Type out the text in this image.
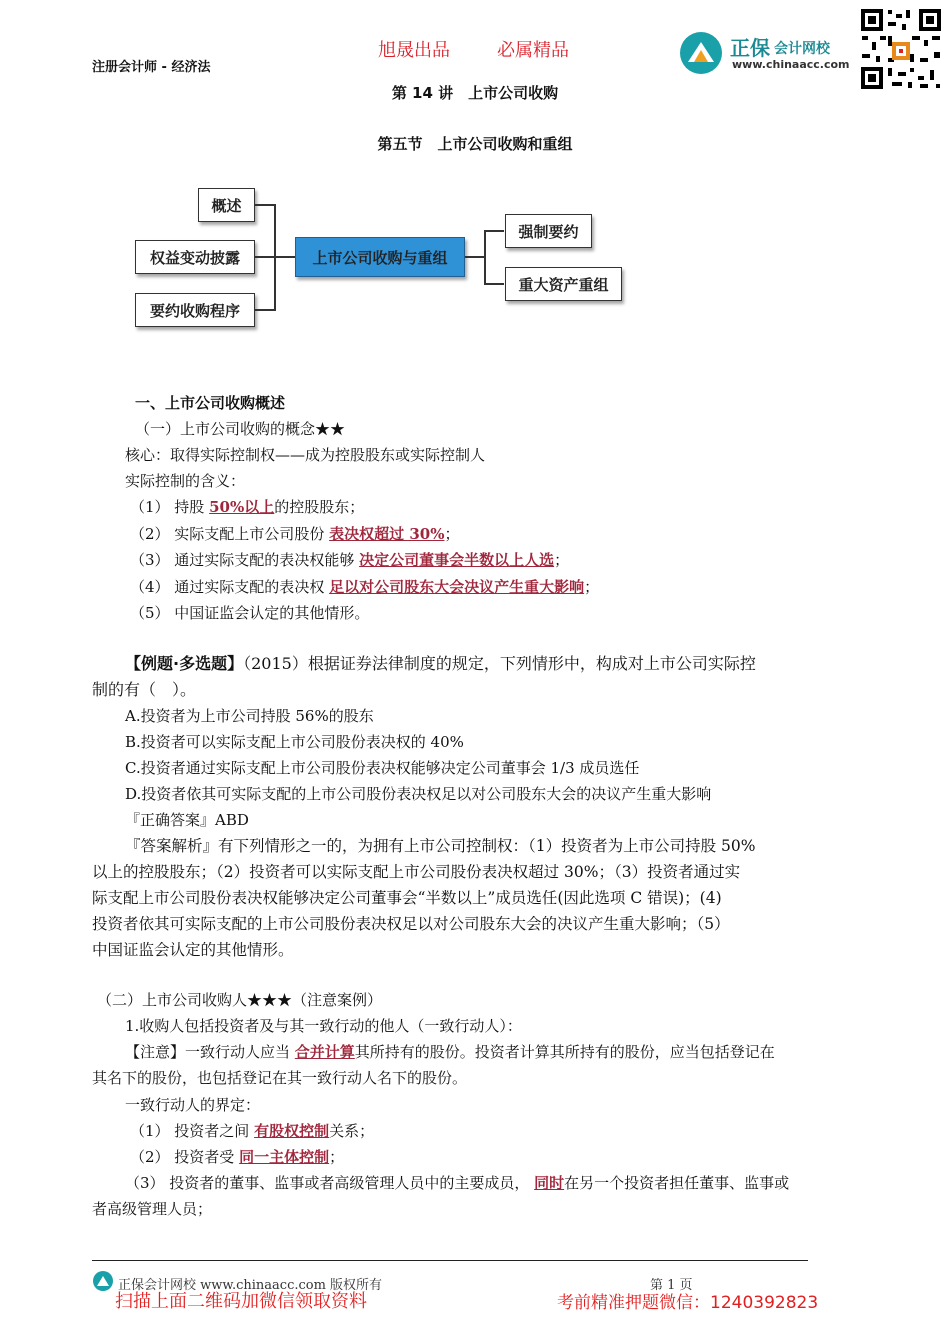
注册会计师 - 经济法
旭晟出品	必属精品	正保 会计网校
www.chinaacc.com
第 14 讲　上市公司收购
第五节　上市公司收购和重组
概述
权益变动披露
要约收购程序
上市公司收购与重组
强制要约
重大资产重组
一、上市公司收购概述
（一）上市公司收购的概念★★
核心：取得实际控制权——成为控股股东或实际控制人
实际控制的含义：
（1） 持股 50%以上的控股股东；
（2） 实际支配上市公司股份 表决权超过 30%；
（3） 通过实际支配的表决权能够 决定公司董事会半数以上人选；
（4） 通过实际支配的表决权 足以对公司股东大会决议产生重大影响；
（5） 中国证监会认定的其他情形。
【例题·多选题】（2015）根据证券法律制度的规定，下列情形中，构成对上市公司实际控
制的有（　）。
A.投资者为上市公司持股 56%的股东
B.投资者可以实际支配上市公司股份表决权的 40%
C.投资者通过实际支配上市公司股份表决权能够决定公司董事会 1/3 成员选任
D.投资者依其可实际支配的上市公司股份表决权足以对公司股东大会的决议产生重大影响
『正确答案』ABD
『答案解析』有下列情形之一的，为拥有上市公司控制权：（1）投资者为上市公司持股 50%
以上的控股股东；（2）投资者可以实际支配上市公司股份表决权超过 30%；（3）投资者通过实
际支配上市公司股份表决权能够决定公司董事会“半数以上”成员选任(因此选项 C 错误)；(4)
投资者依其可实际支配的上市公司股份表决权足以对公司股东大会的决议产生重大影响；（5）
中国证监会认定的其他情形。
（二）上市公司收购人★★★（注意案例）
1.收购人包括投资者及与其一致行动的他人（一致行动人）：
【注意】一致行动人应当 合并计算其所持有的股份。投资者计算其所持有的股份，应当包括登记在
其名下的股份，也包括登记在其一致行动人名下的股份。
一致行动人的界定：
（1） 投资者之间 有股权控制关系；
（2） 投资者受 同一主体控制；
（3） 投资者的董事、监事或者高级管理人员中的主要成员， 同时在另一个投资者担任董事、监事或
者高级管理人员；
正保会计网校 www.chinaacc.com 版权所有	第 1 页
扫描上面二维码加微信领取资料	考前精准押题微信：1240392823
